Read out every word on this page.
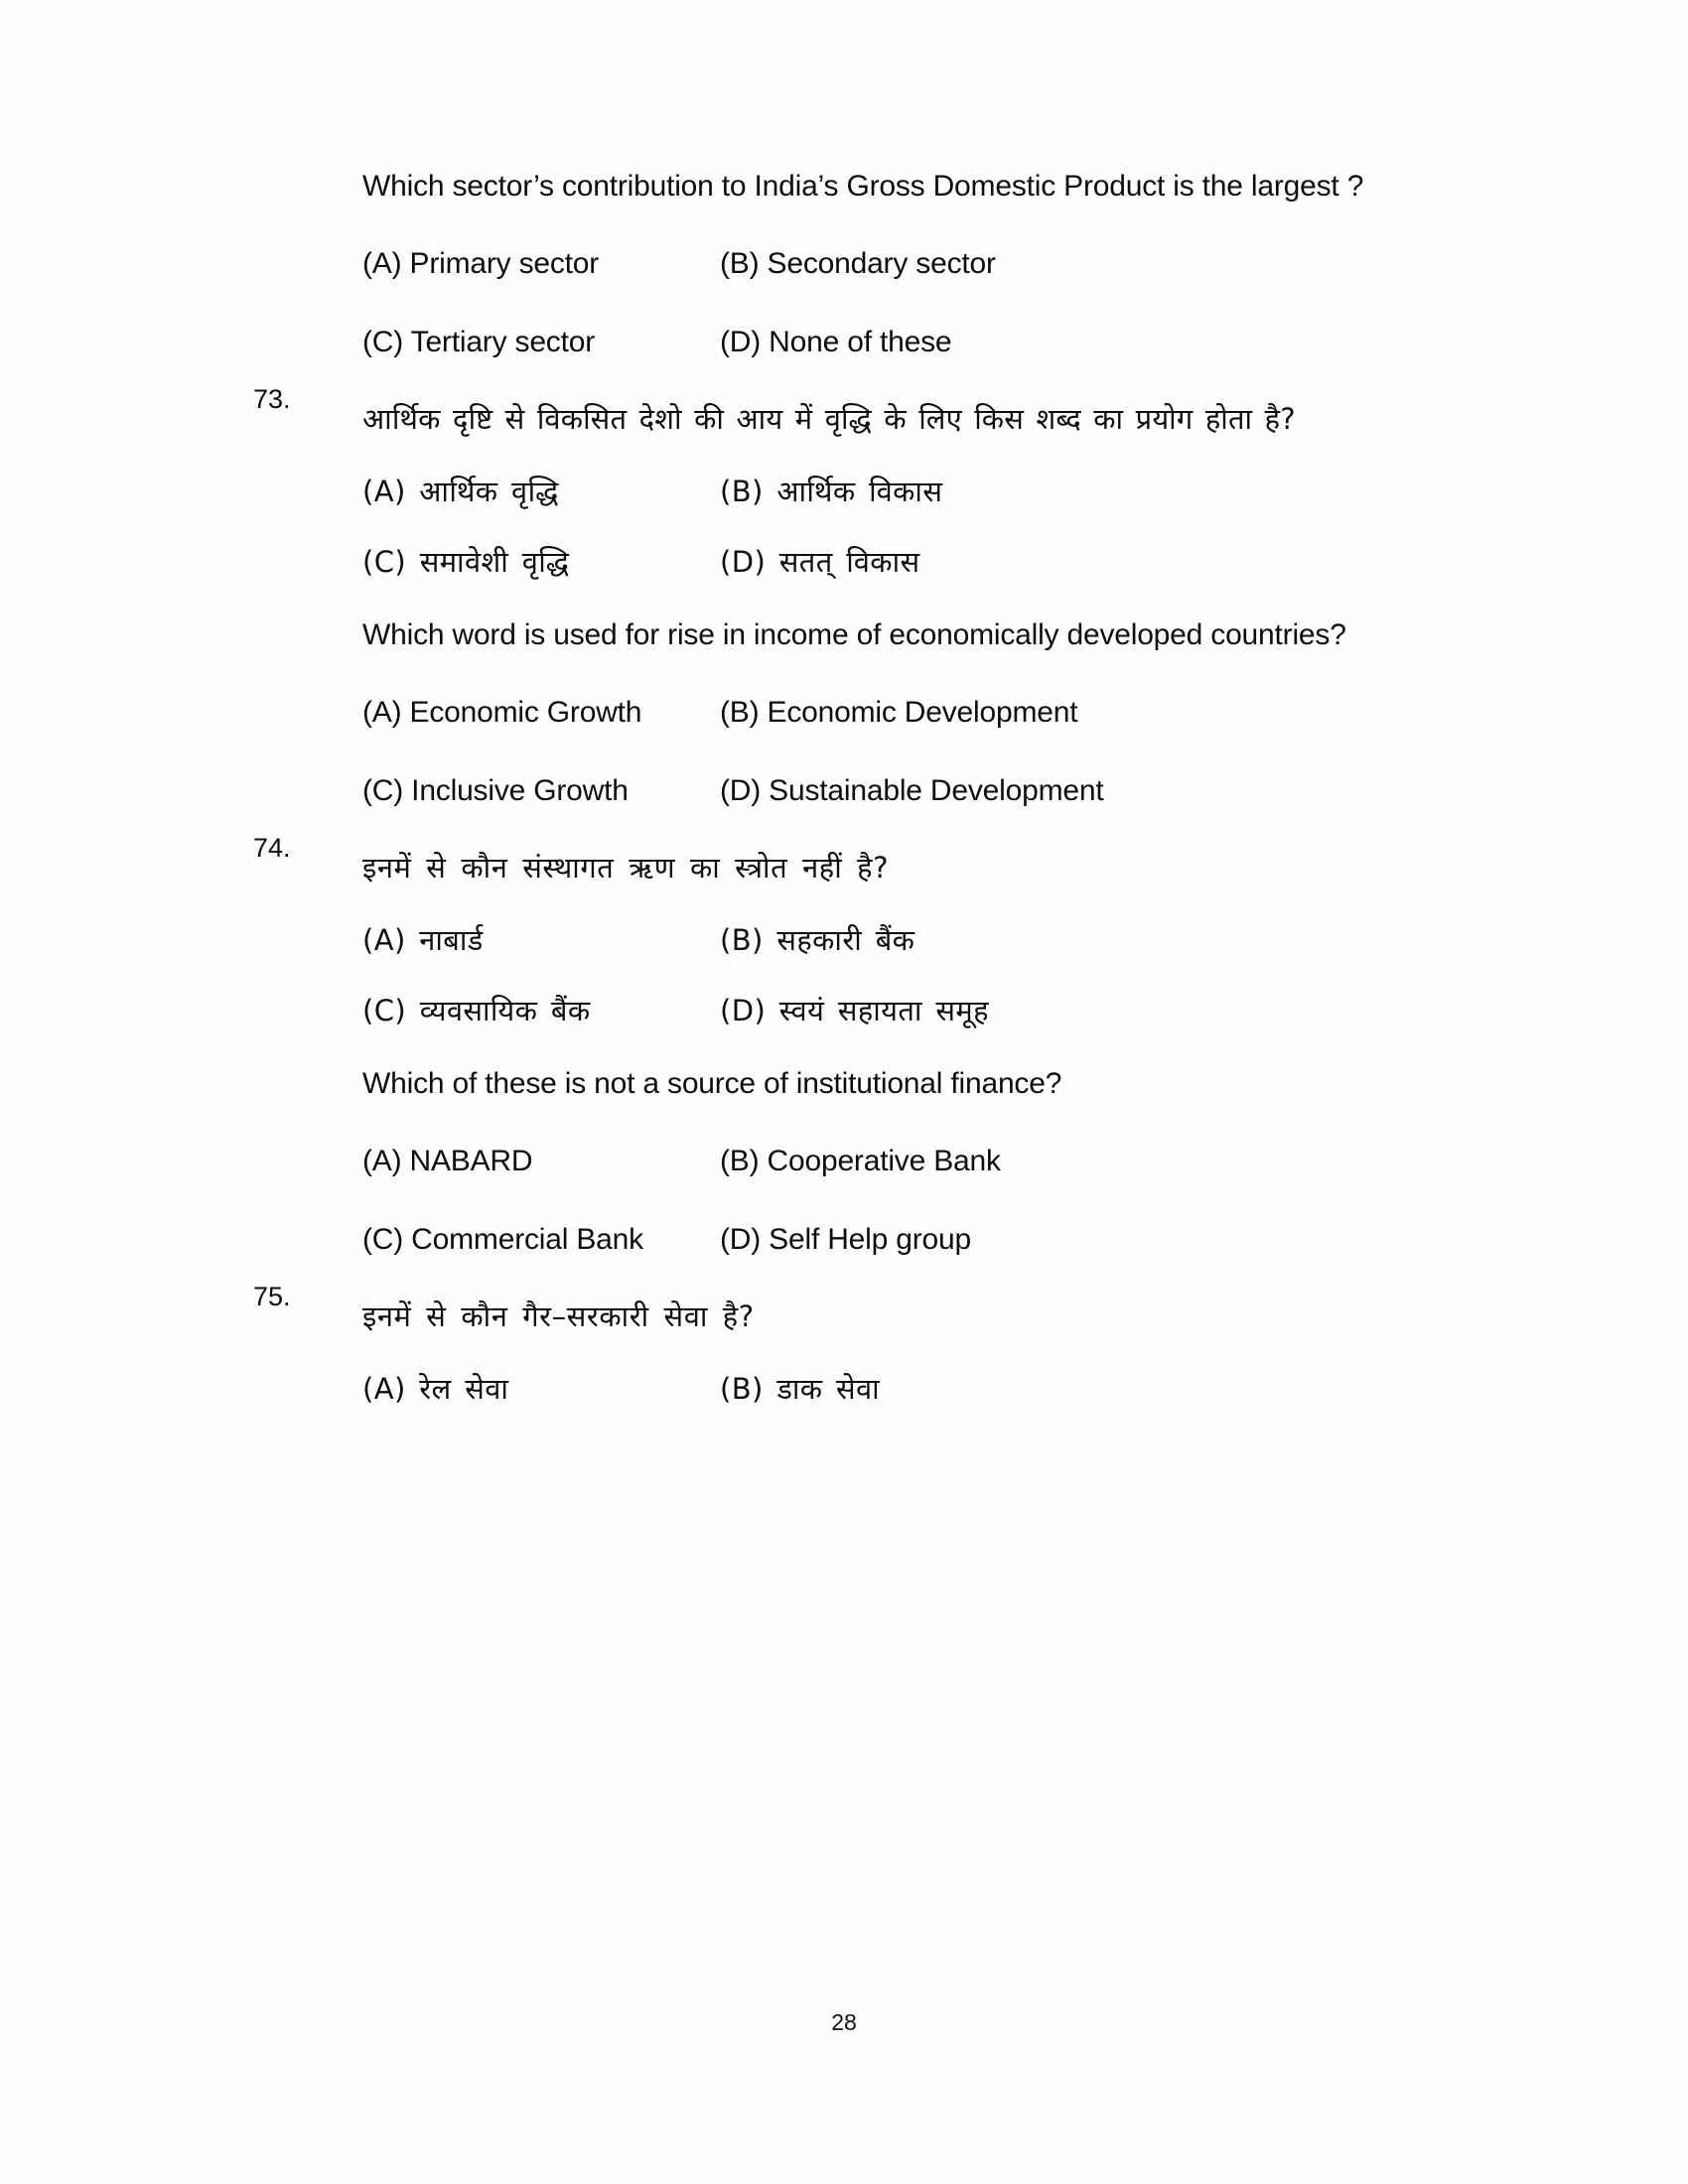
Which sector’s contribution to India’s Gross Domestic Product is the largest ?

(A) Primary sector	(B) Secondary sector
(C) Tertiary sector	(D) None of these
73.

आर्थिक दृष्टि से विकसित देशो की आय में वृद्धि के लिए किस शब्द का प्रयोग होता है?

(A) आर्थिक वृद्धि	(B) आर्थिक विकास
(C) समावेशी वृद्धि	(D) सतत् विकास

Which word is used for rise in income of economically developed countries?

(A) Economic Growth	(B) Economic Development
(C) Inclusive Growth	(D) Sustainable Development
74.

इनमें से कौन संस्थागत ऋण का स्त्रोत नहीं है?

(A) नाबार्ड	(B) सहकारी बैंक
(C) व्यवसायिक बैंक	(D) स्वयं सहायता समूह

Which of these is not a source of institutional finance?

(A) NABARD	(B) Cooperative Bank
(C) Commercial Bank	(D) Self Help group
75.

इनमें से कौन गैर–सरकारी सेवा है?

(A) रेल सेवा	(B) डाक सेवा
28
